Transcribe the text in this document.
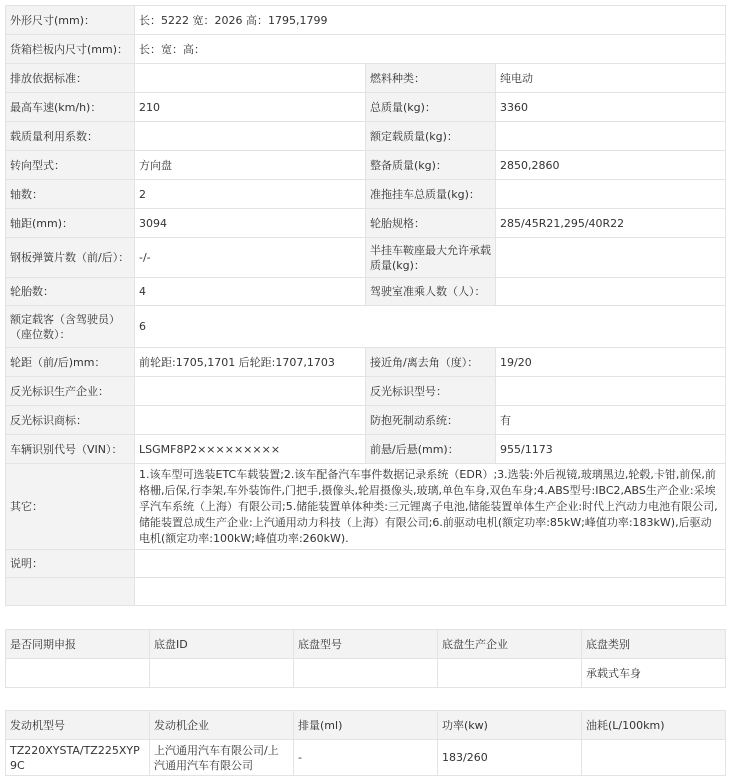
外形尺寸(mm)：	长：5222 宽：2026 高：1795,1799		
货箱栏板内尺寸(mm)：	长：宽：高：		
排放依据标准：		燃料种类：	纯电动
最高车速(km/h)：	210	总质量(kg)：	3360
载质量利用系数：		额定载质量(kg)：	
转向型式：	方向盘	整备质量(kg)：	2850,2860
轴数：	2	准拖挂车总质量(kg)：	
轴距(mm)：	3094	轮胎规格：	285/45R21,295/40R22
钢板弹簧片数（前/后）：	-/-	半挂车鞍座最大允许承载质量(kg)：	
轮胎数：	4	驾驶室准乘人数（人）：	
额定载客（含驾驶员）（座位数）：	6		
轮距（前/后)mm：	前轮距:1705,1701 后轮距:1707,1703	接近角/离去角（度）：	19/20
反光标识生产企业：		反光标识型号：	
反光标识商标：		防抱死制动系统：	有
车辆识别代号（VIN）：	LSGMF8P2×××××××××	前悬/后悬(mm)：	955/1173
其它：	1.该车型可选装ETC车载装置;2.该车配备汽车事件数据记录系统（EDR）;3.选装:外后视镜,玻璃黑边,轮毂,卡钳,前保,前格栅,后保,行李架,车外装饰件,门把手,摄像头,轮眉摄像头,玻璃,单色车身,双色车身;4.ABS型号:IBC2,ABS生产企业:采埃孚汽车系统（上海）有限公司;5.储能装置单体种类:三元锂离子电池,储能装置单体生产企业:时代上汽动力电池有限公司,储能装置总成生产企业:上汽通用动力科技（上海）有限公司;6.前驱动电机(额定功率:85kW;峰值功率:183kW),后驱动电机(额定功率:100kW;峰值功率:260kW).		
说明：			

是否同期申报	底盘ID	底盘型号	底盘生产企业	底盘类别
				承载式车身
发动机型号	发动机企业	排量(ml)	功率(kw)	油耗(L/100km)
TZ220XYSTA/TZ225XYP9C	上汽通用汽车有限公司/上汽通用汽车有限公司	-	183/260	
